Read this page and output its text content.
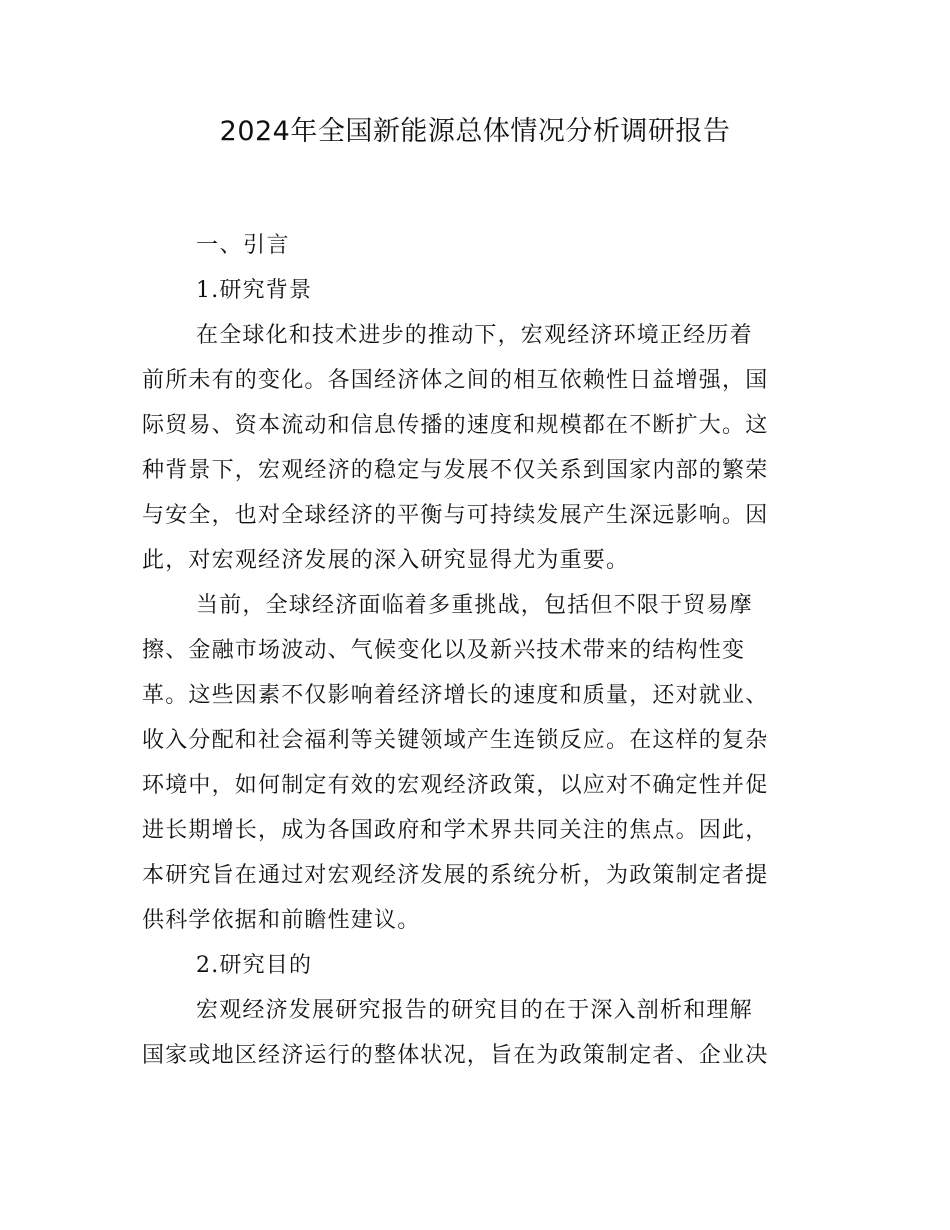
2024年全国新能源总体情况分析调研报告

一、引言

1.研究背景

在全球化和技术进步的推动下，宏观经济环境正经历着
前所未有的变化。各国经济体之间的相互依赖性日益增强，国
际贸易、资本流动和信息传播的速度和规模都在不断扩大。这
种背景下，宏观经济的稳定与发展不仅关系到国家内部的繁荣
与安全，也对全球经济的平衡与可持续发展产生深远影响。因
此，对宏观经济发展的深入研究显得尤为重要。

当前，全球经济面临着多重挑战，包括但不限于贸易摩
擦、金融市场波动、气候变化以及新兴技术带来的结构性变
革。这些因素不仅影响着经济增长的速度和质量，还对就业、
收入分配和社会福利等关键领域产生连锁反应。在这样的复杂
环境中，如何制定有效的宏观经济政策，以应对不确定性并促
进长期增长，成为各国政府和学术界共同关注的焦点。因此，
本研究旨在通过对宏观经济发展的系统分析，为政策制定者提
供科学依据和前瞻性建议。

2.研究目的

宏观经济发展研究报告的研究目的在于深入剖析和理解
国家或地区经济运行的整体状况，旨在为政策制定者、企业决
